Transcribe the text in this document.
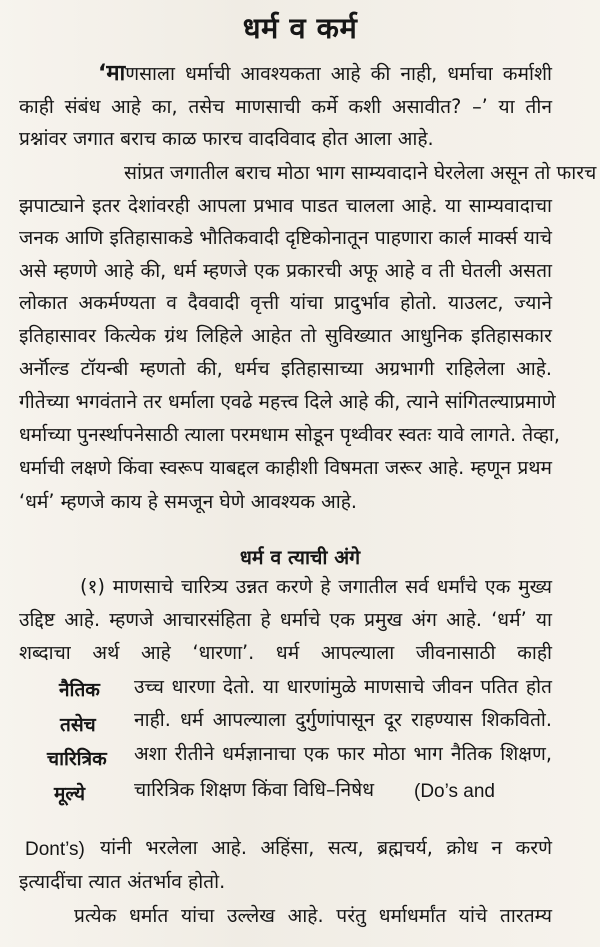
धर्म व कर्म
‘माणसाला धर्माची आवश्यकता आहे की नाही, धर्माचा कर्माशी
काही संबंध आहे का, तसेच माणसाची कर्मे कशी असावीत? –’ या तीन
प्रश्नांवर जगात बराच काळ फारच वादविवाद होत आला आहे.
सांप्रत जगातील बराच मोठा भाग साम्यवादाने घेरलेला असून तो फारच
झपाट्याने इतर देशांवरही आपला प्रभाव पाडत चालला आहे. या साम्यवादाचा
जनक आणि इतिहासाकडे भौतिकवादी दृष्टिकोनातून पाहणारा कार्ल मार्क्स याचे
असे म्हणणे आहे की, धर्म म्हणजे एक प्रकारची अफू आहे व ती घेतली असता
लोकात अकर्मण्यता व दैववादी वृत्ती यांचा प्रादुर्भाव होतो. याउलट, ज्याने
इतिहासावर कित्येक ग्रंथ लिहिले आहेत तो सुविख्यात आधुनिक इतिहासकार
अर्नॉल्ड टॉयन्बी म्हणतो की, धर्मच इतिहासाच्या अग्रभागी राहिलेला आहे.
गीतेच्या भगवंताने तर धर्माला एवढे महत्त्व दिले आहे की, त्याने सांगितल्याप्रमाणे
धर्माच्या पुनर्स्थापनेसाठी त्याला परमधाम सोडून पृथ्वीवर स्वतः यावे लागते. तेव्हा,
धर्माची लक्षणे किंवा स्वरूप याबद्दल काहीशी विषमता जरूर आहे. म्हणून प्रथम
‘धर्म’ म्हणजे काय हे समजून घेणे आवश्यक आहे.
धर्म व त्याची अंगे
(१) माणसाचे चारित्र्य उन्नत करणे हे जगातील सर्व धर्मांचे एक मुख्य
उद्दिष्ट आहे. म्हणजे आचारसंहिता हे धर्माचे एक प्रमुख अंग आहे. ‘धर्म’ या
शब्दाचा अर्थ आहे ‘धारणा’. धर्म आपल्याला जीवनासाठी काही
नैतिक उच्च धारणा देतो. या धारणांमुळे माणसाचे जीवन पतित होत
तसेच नाही. धर्म आपल्याला दुर्गुणांपासून दूर राहण्यास शिकवितो.
चारित्रिक अशा रीतीने धर्मज्ञानाचा एक फार मोठा भाग नैतिक शिक्षण,
मूल्ये	चारित्रिक शिक्षण किंवा विधि–निषेध (Do’s and
Dont’s) यांनी भरलेला आहे. अहिंसा, सत्य, ब्रह्मचर्य, क्रोध न करणे
इत्यादींचा त्यात अंतर्भाव होतो.
प्रत्येक धर्मात यांचा उल्लेख आहे. परंतु धर्माधर्मांत यांचे तारतम्य
